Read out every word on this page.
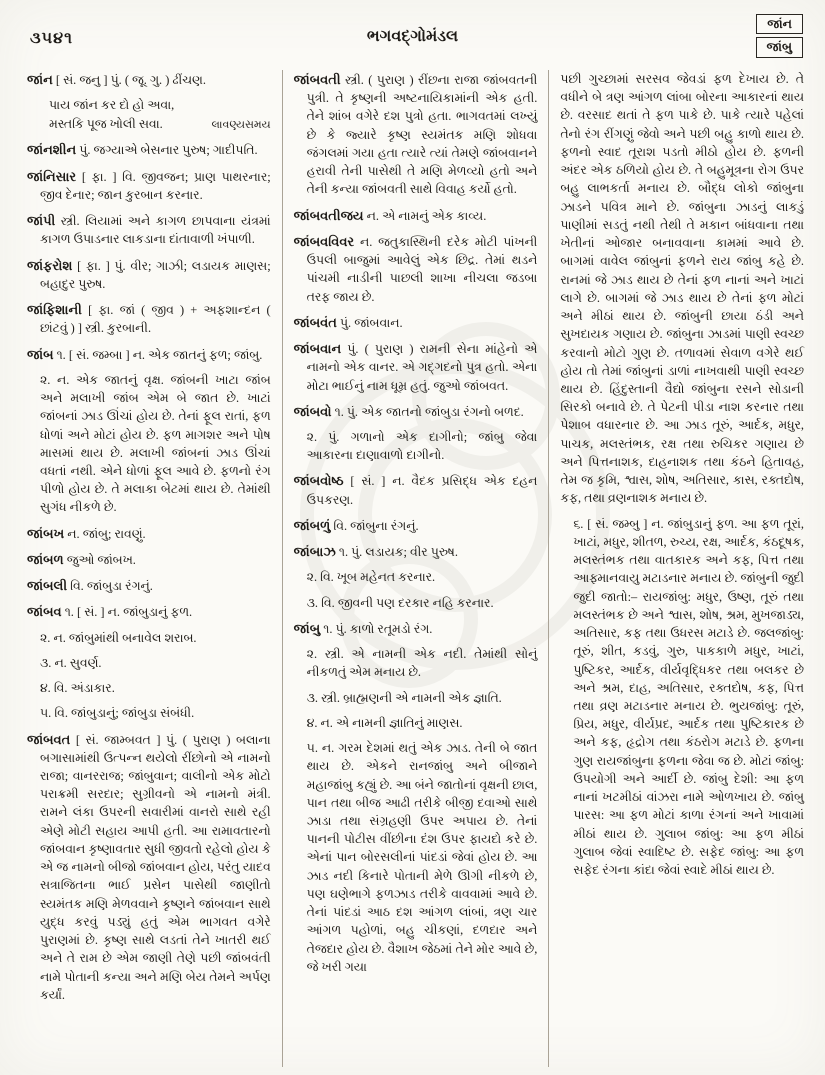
૩૫૪૧	ભગવદ્ગોમંડલ
જાંન
જાંબુ

જાંન [ સં. જનુ ] પું. ( જૂ. ગુ. ) ઢીંચણ.

પાય જાંન કર દો હો અવા,
મસ્તકિ પૂજ ખોલી સવા.	લાવણ્યસમય

જાંનશીન પું. જગ્યાએ બેસનાર પુરુષ; ગાદીપતિ.

જાંનિસાર [ ફા. ] વિ. જીવજન; પ્રાણ પાથરનાર; જીવ દેનાર; જાન કુરબાન કરનાર.

જાંપી સ્ત્રી. લિયામાં અને કાગળ છાપવાના યંત્રમાં કાગળ ઉપાડનાર લાકડાના દાંતાવાળી ખંપાળી.

જાંફરોશ [ ફા. ] પું. વીર; ગાઝી; લડાયક માણસ; બહાદુર પુરુષ.

જાંફિશાની [ ફા. જાં ( જીવ ) + અફશાન્દન ( છાંટવું ) ] સ્ત્રી. કુરબાની.

જાંબ ૧. [ સં. જમ્બા ] ન. એક જાતનું ફળ; જાંબુ.

૨. ન. એક જાતનું વૃક્ષ. જાંબની ખાટા જાંબ અને મલાખી જાંબ એમ બે જાત છે. ખાટાં જાંબનાં ઝાડ ઊંચાં હોય છે. તેનાં ફૂલ રાતાં, ફળ ધોળાં અને મોટાં હોય છે. ફળ માગશર અને પોષ માસમાં થાય છે. મલાખી જાંબનાં ઝાડ ઊંચાં વધતાં નથી. એને ધોળાં ફૂલ આવે છે. ફળનો રંગ પીળો હોય છે. તે મલાકા બેટમાં થાય છે. તેમાંથી સુગંધ નીકળે છે.

જાંબખ ન. જાંબુ; રાવણું.

જાંબળ જુઓ જાંબખ.

જાંબલી વિ. જાંબુડા રંગનું.

જાંબવ ૧. [ સં. ] ન. જાંબુડાનું ફળ.

૨. ન. જાંબુમાંથી બનાવેલ શરાબ.

૩. ન. સુવર્ણ.

૪. વિ. અંડાકાર.

૫. વિ. જાંબુડાનું; જાંબુડા સંબંધી.

જાંબવત [ સં. જામ્બવત ] પું. ( પુરાણ ) બલાના બગાસામાંથી ઉત્પન્ન થયેલો રીંછોનો એ નામનો રાજા; વાનરરાજ; જાંબુવાન; વાલીનો એક મોટો પરાક્રમી સરદાર; સુગ્રીવનો એ નામનો મંત્રી. રામને લંકા ઉપરની સવારીમાં વાનરો સાથે રહી એણે મોટી સહાય આપી હતી. આ રામાવતારનો જાંબવાન કૃષ્ણાવતાર સુધી જીવતો રહેલો હોય કે એ જ નામનો બીજો જાંબવાન હોય, પરંતુ યાદવ સત્રાજિતના ભાઈ પ્રસેન પાસેથી જાણીતો સ્યમંતક મણિ મેળવવાને કૃષ્ણને જાંબવાન સાથે યુદ્ધ કરવું પડ્યું હતું એમ ભાગવત વગેરે પુરાણમાં છે. કૃષ્ણ સાથે લડતાં તેને ખાતરી થઈ અને તે રામ છે એમ જાણી તેણે પછી જાંબવંતી નામે પોતાની કન્યા અને મણિ બેય તેમને અર્પણ કર્યાં.

જાંબવતી સ્ત્રી. ( પુરાણ ) રીંછના રાજા જાંબવતની પુત્રી. તે કૃષ્ણની અષ્ટનાયિકામાંની એક હતી. તેને શાંબ વગેરે દશ પુત્રો હતા. ભાગવતમાં લખ્યું છે કે જ્યારે કૃષ્ણ સ્યમંતક મણિ શોધવા જંગલમાં ગયા હતા ત્યારે ત્યાં તેમણે જાંબવાનને હરાવી તેની પાસેથી તે મણિ મેળવ્યો હતો અને તેની કન્યા જાંબવતી સાથે વિવાહ કર્યો હતો.

જાંબવતીજય ન. એ નામનું એક કાવ્ય.

જાંબવવિવર ન. જતુકાસ્થિની દરેક મોટી પાંખની ઉપલી બાજુમાં આવેલું એક છિદ્ર. તેમાં થડને પાંચમી નાડીની પાછલી શાખા નીચલા જડબા તરફ જાય છે.

જાંબવંત પું. જાંબવાન.

જાંબવાન પું. ( પુરાણ ) રામની સેના માંહેનો એ નામનો એક વાનર. એ ગદ્ગદનો પુત્ર હતો. એના મોટા ભાઈનું નામ ધૂમ્ર હતું. જુઓ જાંબવત.

જાંબવો ૧. પું. એક જાતનો જાંબુડા રંગનો બળદ.

૨. પું. ગળાનો એક દાગીનો; જાંબુ જેવા આકારના દાણાવાળો દાગીનો.

જાંબવોષ્ઠ [ સં. ] ન. વૈદક પ્રસિદ્ધ એક દહન ઉપકરણ.

જાંબળું વિ. જાંબુના રંગનું.

જાંબાઝ ૧. પું. લડાયક; વીર પુરુષ.

૨. વિ. ખૂબ મહેનત કરનાર.

૩. વિ. જીવની પણ દરકાર નહિ કરનાર.

જાંબુ ૧. પું. કાળો રતૂમડો રંગ.

૨. સ્ત્રી. એ નામની એક નદી. તેમાંથી સોનું નીકળતું એમ મનાય છે.

૩. સ્ત્રી. બ્રાહ્મણની એ નામની એક જ્ઞાતિ.

૪. ન. એ નામની જ્ઞાતિનું માણસ.

૫. ન. ગરમ દેશમાં થતું એક ઝાડ. તેની બે જાત થાય છે. એકને રાનજાંબુ અને બીજાને મહાજાંબુ કહ્યું છે. આ બંને જાતોનાં વૃક્ષની છાલ, પાન તથા બીજ આઢી તરીકે બીજી દવાઓ સાથે ઝાડા તથા સંગ્રહણી ઉપર અપાય છે. તેનાં પાનની પોટીસ વીંછીના દંશ ઉપર ફાયદો કરે છે. એનાં પાન બોરસલીનાં પાંદડાં જેવાં હોય છે. આ ઝાડ નદી કિનારે પોતાની મેળે ઊગી નીકળે છે, પણ ઘણેભાગે ફળઝાડ તરીકે વાવવામાં આવે છે. તેનાં પાંદડાં આઠ દશ આંગળ લાંબાં, ત્રણ ચાર આંગળ પહોળાં, બહુ ચીકણાં, દળદાર અને તેજદાર હોય છે. વૈશાખ જેઠમાં તેને મોર આવે છે, જે ખરી ગયા

પછી ગુચ્છામાં સરસવ જેવડાં ફળ દેખાય છે. તે વધીને બે ત્રણ આંગળ લાંબા બોરના આકારનાં થાય છે. વરસાદ થતાં તે ફળ પાકે છે. પાકે ત્યારે પહેલાં તેનો રંગ રીંગણું જેવો અને પછી બહુ કાળો થાય છે. ફળનો સ્વાદ તૂરાશ પડતો મીઠો હોય છે. ફળની અંદર એક ઠળિયો હોય છે. તે બહુમૂત્રના રોગ ઉપર બહુ લાભકર્તા મનાય છે. બૌદ્ધ લોકો જાંબુના ઝાડને પવિત્ર માને છે. જાંબુના ઝાડનું લાકડું પાણીમાં સડતું નથી તેથી તે મકાન બાંધવાના તથા ખેતીનાં ઓજાર બનાવવાના કામમાં આવે છે. બાગમાં વાવેલ જાંબુનાં ફળને રાય જાંબુ કહે છે. રાનમાં જે ઝાડ થાય છે તેનાં ફળ નાનાં અને ખાટાં લાગે છે. બાગમાં જે ઝાડ થાય છે તેનાં ફળ મોટાં અને મીઠાં થાય છે. જાંબુની છાયા ઠંડી અને સુખદાયક ગણાય છે. જાંબુના ઝાડમાં પાણી સ્વચ્છ કરવાનો મોટો ગુણ છે. તળાવમાં સેવાળ વગેરે થઈ હોય તો તેમાં જાંબુનાં ડાળાં નાખવાથી પાણી સ્વચ્છ થાય છે. હિંદુસ્તાની વૈદ્યો જાંબુના રસને સોડાની સિરકો બનાવે છે. તે પેટની પીડા નાશ કરનાર તથા પેશાબ વધારનાર છે. આ ઝાડ તૂરું, આર્દક, મધુર, પાચક, મલસ્તંભક, રક્ષ તથા રુચિકર ગણાય છે અને પિત્તનાશક, દાહનાશક તથા કંઠને હિતાવહ, તેમ જ કૃમિ, શ્વાસ, શોષ, અતિસાર, કાસ, રક્તદોષ, કફ, તથા વ્રણનાશક મનાય છે.

૬. [ સં. જમ્બુ ] ન. જાંબુડાનું ફળ. આ ફળ તૂરાં, ખાટાં, મધુર, શીતળ, રુચ્ય, રક્ષ, આર્દક, કંઠદૂષક, મલસ્તંભક તથા વાતકારક અને કફ, પિત્ત તથા આફ્માનવાયુ મટાડનાર મનાય છે. જાંબુની જુદી જુદી જાતો:– રાયજાંબુ: મધુર, ઉષ્ણ, તૂરું તથા મલસ્તંભક છે અને શ્વાસ, શોષ, શ્રમ, મુખજાડ્ય, અતિસાર, કફ તથા ઉધરસ મટાડે છે. જલજાંબુ: તૂરું, શીત, કડવું, ગુરુ, પાકકાળે મધુર, ખાટાં, પુષ્ટિકર, આર્દક, વીર્યવૃદ્ધિકર તથા બલકર છે અને શ્રમ, દાહ, અતિસાર, રક્તદોષ, કફ, પિત્ત તથા વ્રણ મટાડનાર મનાય છે. ભુયજાંબુ: તૂરું, પ્રિય, મધુર, વીર્યપ્રદ, આર્દક તથા પુષ્ટિકારક છે અને કફ, હૃદ્રોગ તથા કંઠરોગ મટાડે છે. ફળના ગુણ રાયજાંબુના ફળના જેવા જ છે. મોટાં જાંબુ: ઉપયોગી અને આર્દી છે. જાંબુ દેશી: આ ફળ નાનાં ખટમીઠાં વાંઝરા નામે ઓળખાય છે. જાંબુ પારસ: આ ફળ મોટાં કાળા રંગનાં અને ખાવામાં મીઠાં થાય છે. ગુલાબ જાંબુ: આ ફળ મીઠાં ગુલાબ જેવાં સ્વાદિષ્ટ છે. સફેદ જાંબુ: આ ફળ સફેદ રંગના કાંદા જેવાં સ્વાદે મીઠાં થાય છે.
